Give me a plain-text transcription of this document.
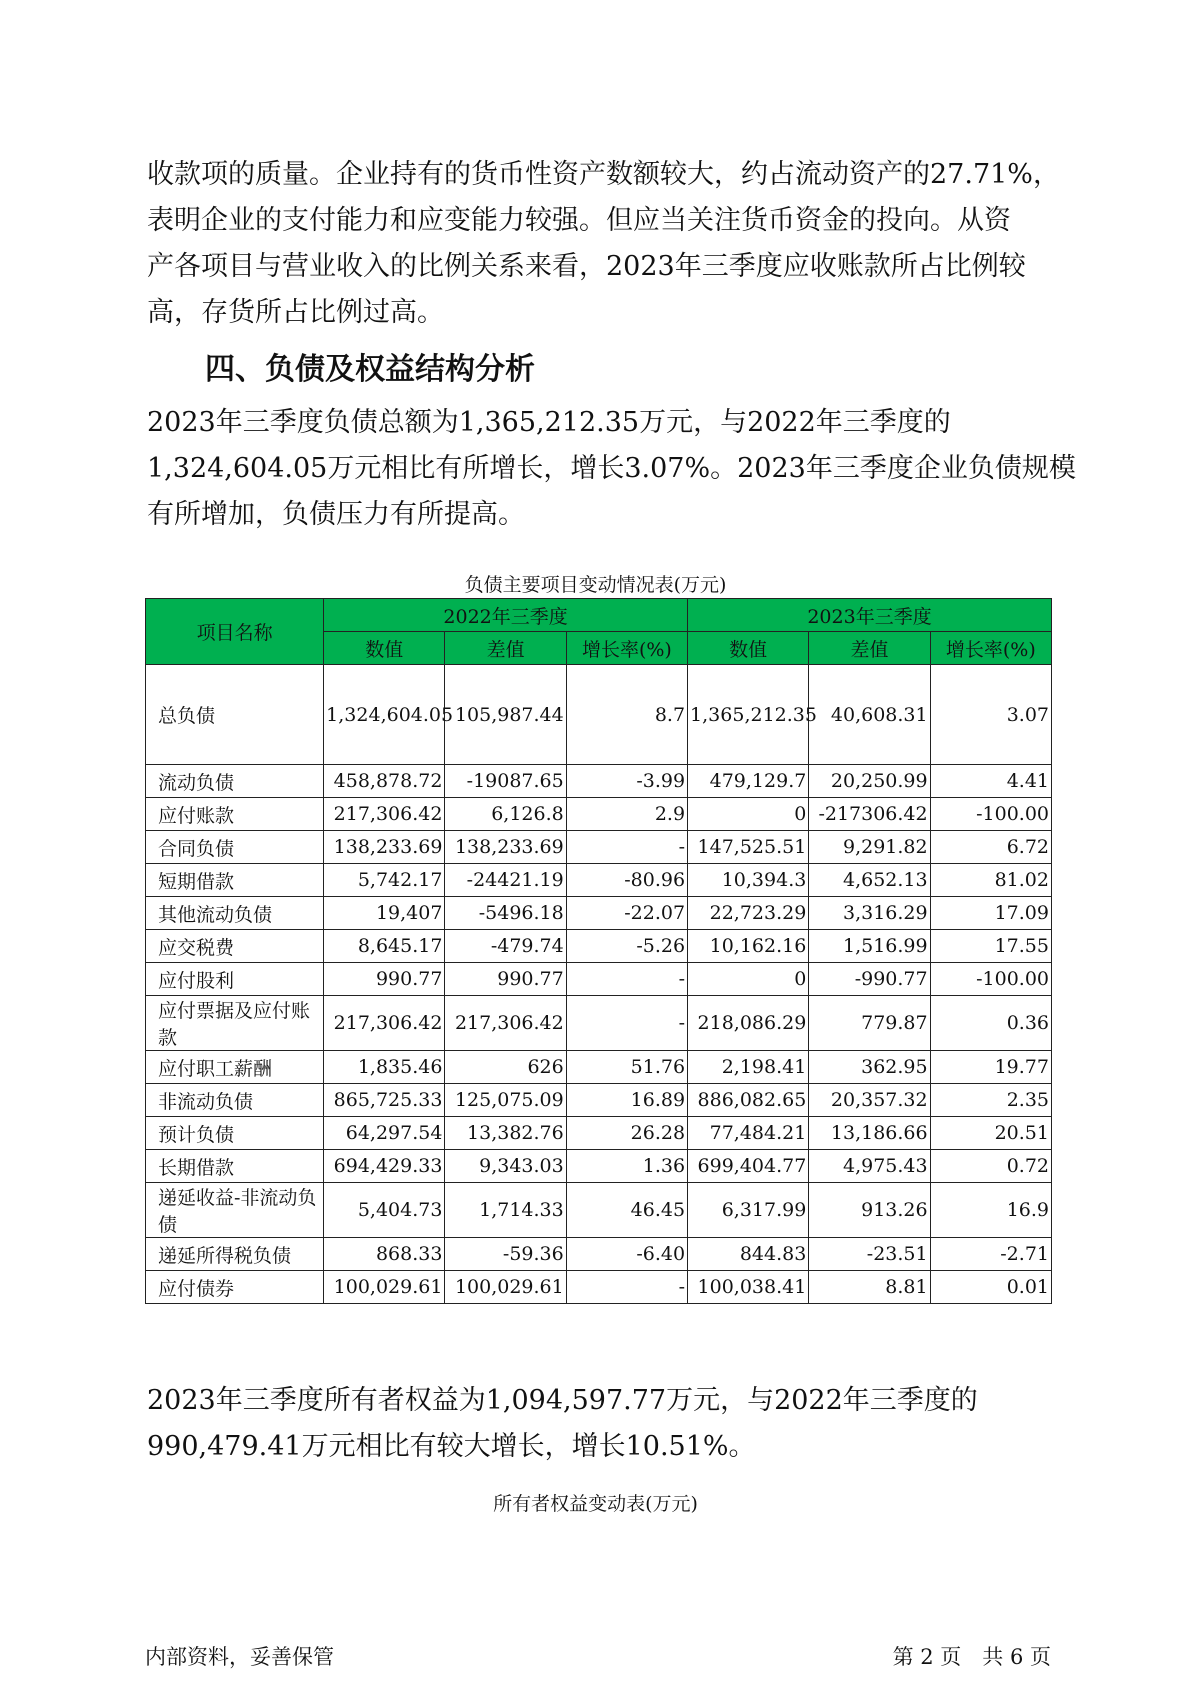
收款项的质量。企业持有的货币性资产数额较大，约占流动资产的27.71%，
表明企业的支付能力和应变能力较强。但应当关注货币资金的投向。从资
产各项目与营业收入的比例关系来看，2023年三季度应收账款所占比例较
高，存货所占比例过高。
四、负债及权益结构分析
2023年三季度负债总额为1,365,212.35万元，与2022年三季度的
1,324,604.05万元相比有所增长，增长3.07%。2023年三季度企业负债规模
有所增加，负债压力有所提高。

负债主要项目变动情况表(万元)

项目名称	2022年三季度			2023年三季度		
	数值	差值	增长率(%)	数值	差值	增长率(%)
总负债	1,324,604.05	105,987.44	8.7	1,365,212.35	40,608.31	3.07
流动负债	458,878.72	-19087.65	-3.99	479,129.7	20,250.99	4.41
应付账款	217,306.42	6,126.8	2.9	0	-217306.42	-100.00
合同负债	138,233.69	138,233.69	-	147,525.51	9,291.82	6.72
短期借款	5,742.17	-24421.19	-80.96	10,394.3	4,652.13	81.02
其他流动负债	19,407	-5496.18	-22.07	22,723.29	3,316.29	17.09
应交税费	8,645.17	-479.74	-5.26	10,162.16	1,516.99	17.55
应付股利	990.77	990.77	-	0	-990.77	-100.00
应付票据及应付账款	217,306.42	217,306.42	-	218,086.29	779.87	0.36
应付职工薪酬	1,835.46	626	51.76	2,198.41	362.95	19.77
非流动负债	865,725.33	125,075.09	16.89	886,082.65	20,357.32	2.35
预计负债	64,297.54	13,382.76	26.28	77,484.21	13,186.66	20.51
长期借款	694,429.33	9,343.03	1.36	699,404.77	4,975.43	0.72
递延收益-非流动负债	5,404.73	1,714.33	46.45	6,317.99	913.26	16.9
递延所得税负债	868.33	-59.36	-6.40	844.83	-23.51	-2.71
应付债券	100,029.61	100,029.61	-	100,038.41	8.81	0.01
2023年三季度所有者权益为1,094,597.77万元，与2022年三季度的
990,479.41万元相比有较大增长，增长10.51%。

所有者权益变动表(万元)

内部资料，妥善保管	第 2 页　共 6 页
